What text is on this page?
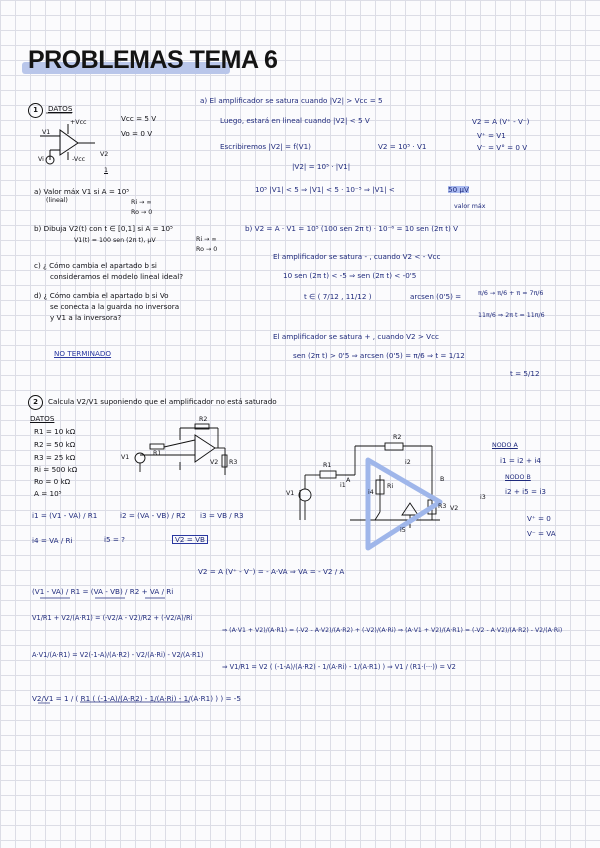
PROBLEMAS TEMA 6
1	DATOS
Vcc = 5 V
Vo = 0 V
+Vcc
-Vcc
V1
V2
Vi
1
a) Valor máx V1 si A = 10⁵
(lineal)	Ri → ∞
Ro → 0
b) Dibuja V2(t) con t ∈ [0,1] si A = 10⁵
V1(t) = 100 sen (2π t), μV	Ri → ∞
Ro → 0
c) ¿ Cómo cambia el apartado b si
consideramos el modelo lineal ideal?
d) ¿ Cómo cambia el apartado b si Vo
se conecta a la guarda no inversora
y V1 a la inversora?
NO TERMINADO
a) El amplificador se satura cuando |V2| > Vcc = 5
Luego, estará en lineal cuando |V2| < 5 V	V2 = A (V⁺ - V⁻)
V⁺ = V1
V⁻ = V° = 0 V
Escribiremos |V2| = f(V1)	V2 = 10⁵ · V1
|V2| = 10⁵ · |V1|
10⁵ |V1| < 5 ⇒ |V1| < 5 · 10⁻⁵ ⇒ |V1| <	50 μV
valor máx
b) V2 = A · V1 = 10⁵ (100 sen 2π t) · 10⁻⁶ = 10 sen (2π t) V
El amplificador se satura - , cuando V2 < - Vcc
10 sen (2π t) < -5 ⇒ sen (2π t) < -0'5
t ∈ ( 7/12 , 11/12 )	arcsen (0'5) =	π/6 → π/6 + π = 7π/6
11π/6 ⇒ 2π t = 11π/6
El amplificador se satura + , cuando V2 > Vcc
sen (2π t) > 0'5 ⇒ arcsen (0'5) = π/6 ⇒ t = 1/12
t = 5/12
2	Calcula V2/V1 suponiendo que el amplificador no está saturado
DATOS
R1 = 10 kΩ
R2 = 50 kΩ
R3 = 25 kΩ
Ri = 500 kΩ
Ro = 0 kΩ
A = 10⁵
R1
R2
R3
V1
V2	R1
R2
R3
Ri
V1
V2
i1
i2
i3
i4
i5
A	B
NODO A
i1 = i2 + i4
NODO B
i2 + i5 = i3
V⁺ = 0
V⁻ = VA
i1 = (V1 - VA) / R1	i2 = (VA - VB) / R2 i3 = VB / R3
i4 = VA / Ri	i5 = ?	V2 = VB
V2 = A (V⁺ - V⁻) = - A·VA ⇒ VA = - V2 / A
(V1 - VA) / R1 = (VA - VB) / R2 + VA / Ri
V1/R1 + V2/(A·R1) = (-V2/A - V2)/R2 + (-V2/A)/Ri
⇒ (A·V1 + V2)/(A·R1) = (-V2 - A·V2)/(A·R2) + (-V2)/(A·Ri) ⇒ (A·V1 + V2)/(A·R1) = (-V2 - A·V2)/(A·R2) - V2/(A·Ri)
A·V1/(A·R1) = V2(-1-A)/(A·R2) - V2/(A·Ri) - V2/(A·R1)
⇒ V1/R1 = V2 ( (-1-A)/(A·R2) - 1/(A·Ri) - 1/(A·R1) ) ⇒ V1 / (R1·(···)) = V2
V2/V1 = 1 / ( R1 ( (-1-A)/(A·R2) - 1/(A·Ri) - 1/(A·R1) ) ) = -5
